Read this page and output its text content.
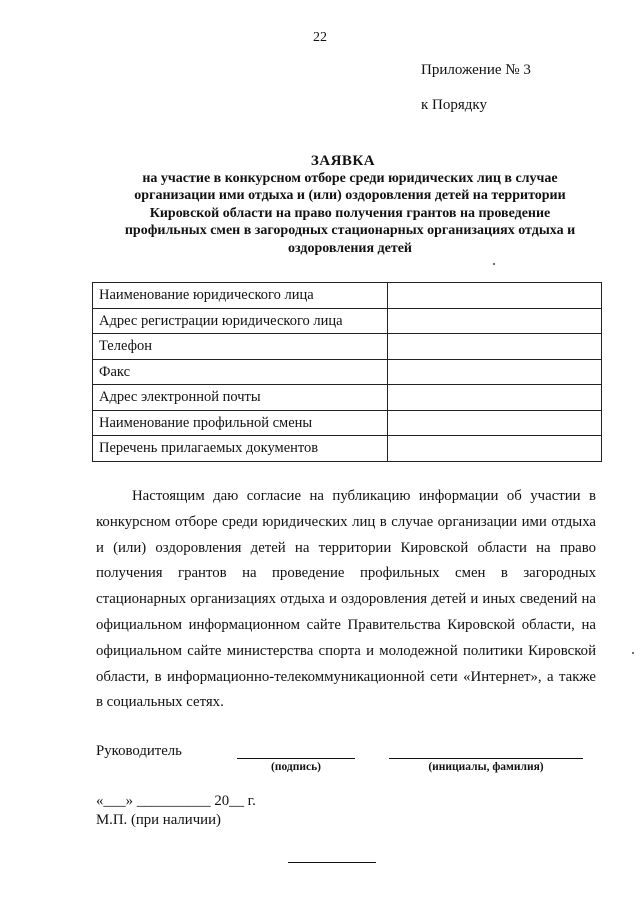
22
Приложение № 3
к Порядку
ЗАЯВКА
на участие в конкурсном отборе среди юридических лиц в случае организации ими отдыха и (или) оздоровления детей на территории Кировской области на право получения грантов на проведение профильных смен в загородных стационарных организациях отдыха и оздоровления детей
Наименование юридического лица	
Адрес регистрации юридического лица	
Телефон	
Факс	
Адрес электронной почты	
Наименование профильной смены	
Перечень прилагаемых документов	
Настоящим даю согласие на публикацию информации об участии в конкурсном отборе среди юридических лиц в случае организации ими отдыха и (или) оздоровления детей на территории Кировской области на право получения грантов на проведение профильных смен в загородных стационарных организациях отдыха и оздоровления детей и иных сведений на официальном информационном сайте Правительства Кировской области, на официальном сайте министерства спорта и молодежной политики Кировской области, в информационно-телекоммуникационной сети «Интернет», а также в социальных сетях.
Руководитель
(подпись)	(инициалы, фамилия)
«___» __________ 20__ г.
М.П. (при наличии)
